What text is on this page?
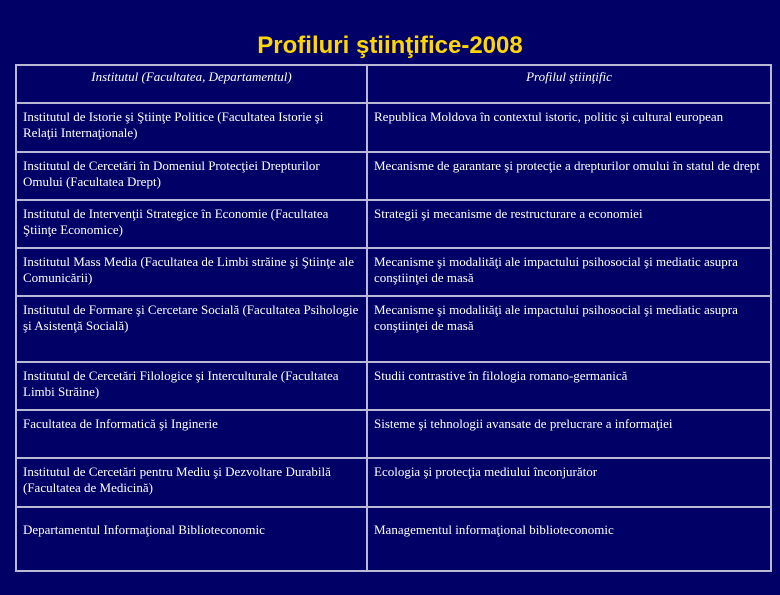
Profiluri ştiinţifice-2008
Institutul (Facultatea, Departamentul)	Profilul ştiinţific
Institutul de Istorie şi Ştiinţe Politice (Facultatea Istorie şi Relaţii Internaţionale)	Republica Moldova în contextul istoric, politic şi cultural european
Institutul de Cercetări în Domeniul Protecţiei Drepturilor Omului (Facultatea Drept)	Mecanisme de garantare şi protecţie a drepturilor omului în statul de drept
Institutul de Intervenţii Strategice în Economie (Facultatea Ştiinţe Economice)	Strategii şi mecanisme de restructurare a economiei
Institutul Mass Media (Facultatea de Limbi străine şi Ştiinţe ale Comunicării)	Mecanisme şi modalităţi ale impactului psihosocial şi mediatic asupra conştiinţei de masă
Institutul de Formare şi Cercetare Socială (Facultatea Psihologie şi Asistenţă Socială)	Mecanisme şi modalităţi ale impactului psihosocial şi mediatic asupra conştiinţei de masă
Institutul de Cercetări Filologice şi Interculturale (Facultatea Limbi Străine)	Studii contrastive în filologia romano-germanică
Facultatea de Informatică şi Inginerie	Sisteme şi tehnologii avansate de prelucrare a informaţiei
Institutul de Cercetări pentru Mediu şi Dezvoltare Durabilă (Facultatea de Medicină)	Ecologia şi protecţia mediului înconjurător
Departamentul Informaţional Biblioteconomic	Managementul informaţional biblioteconomic
